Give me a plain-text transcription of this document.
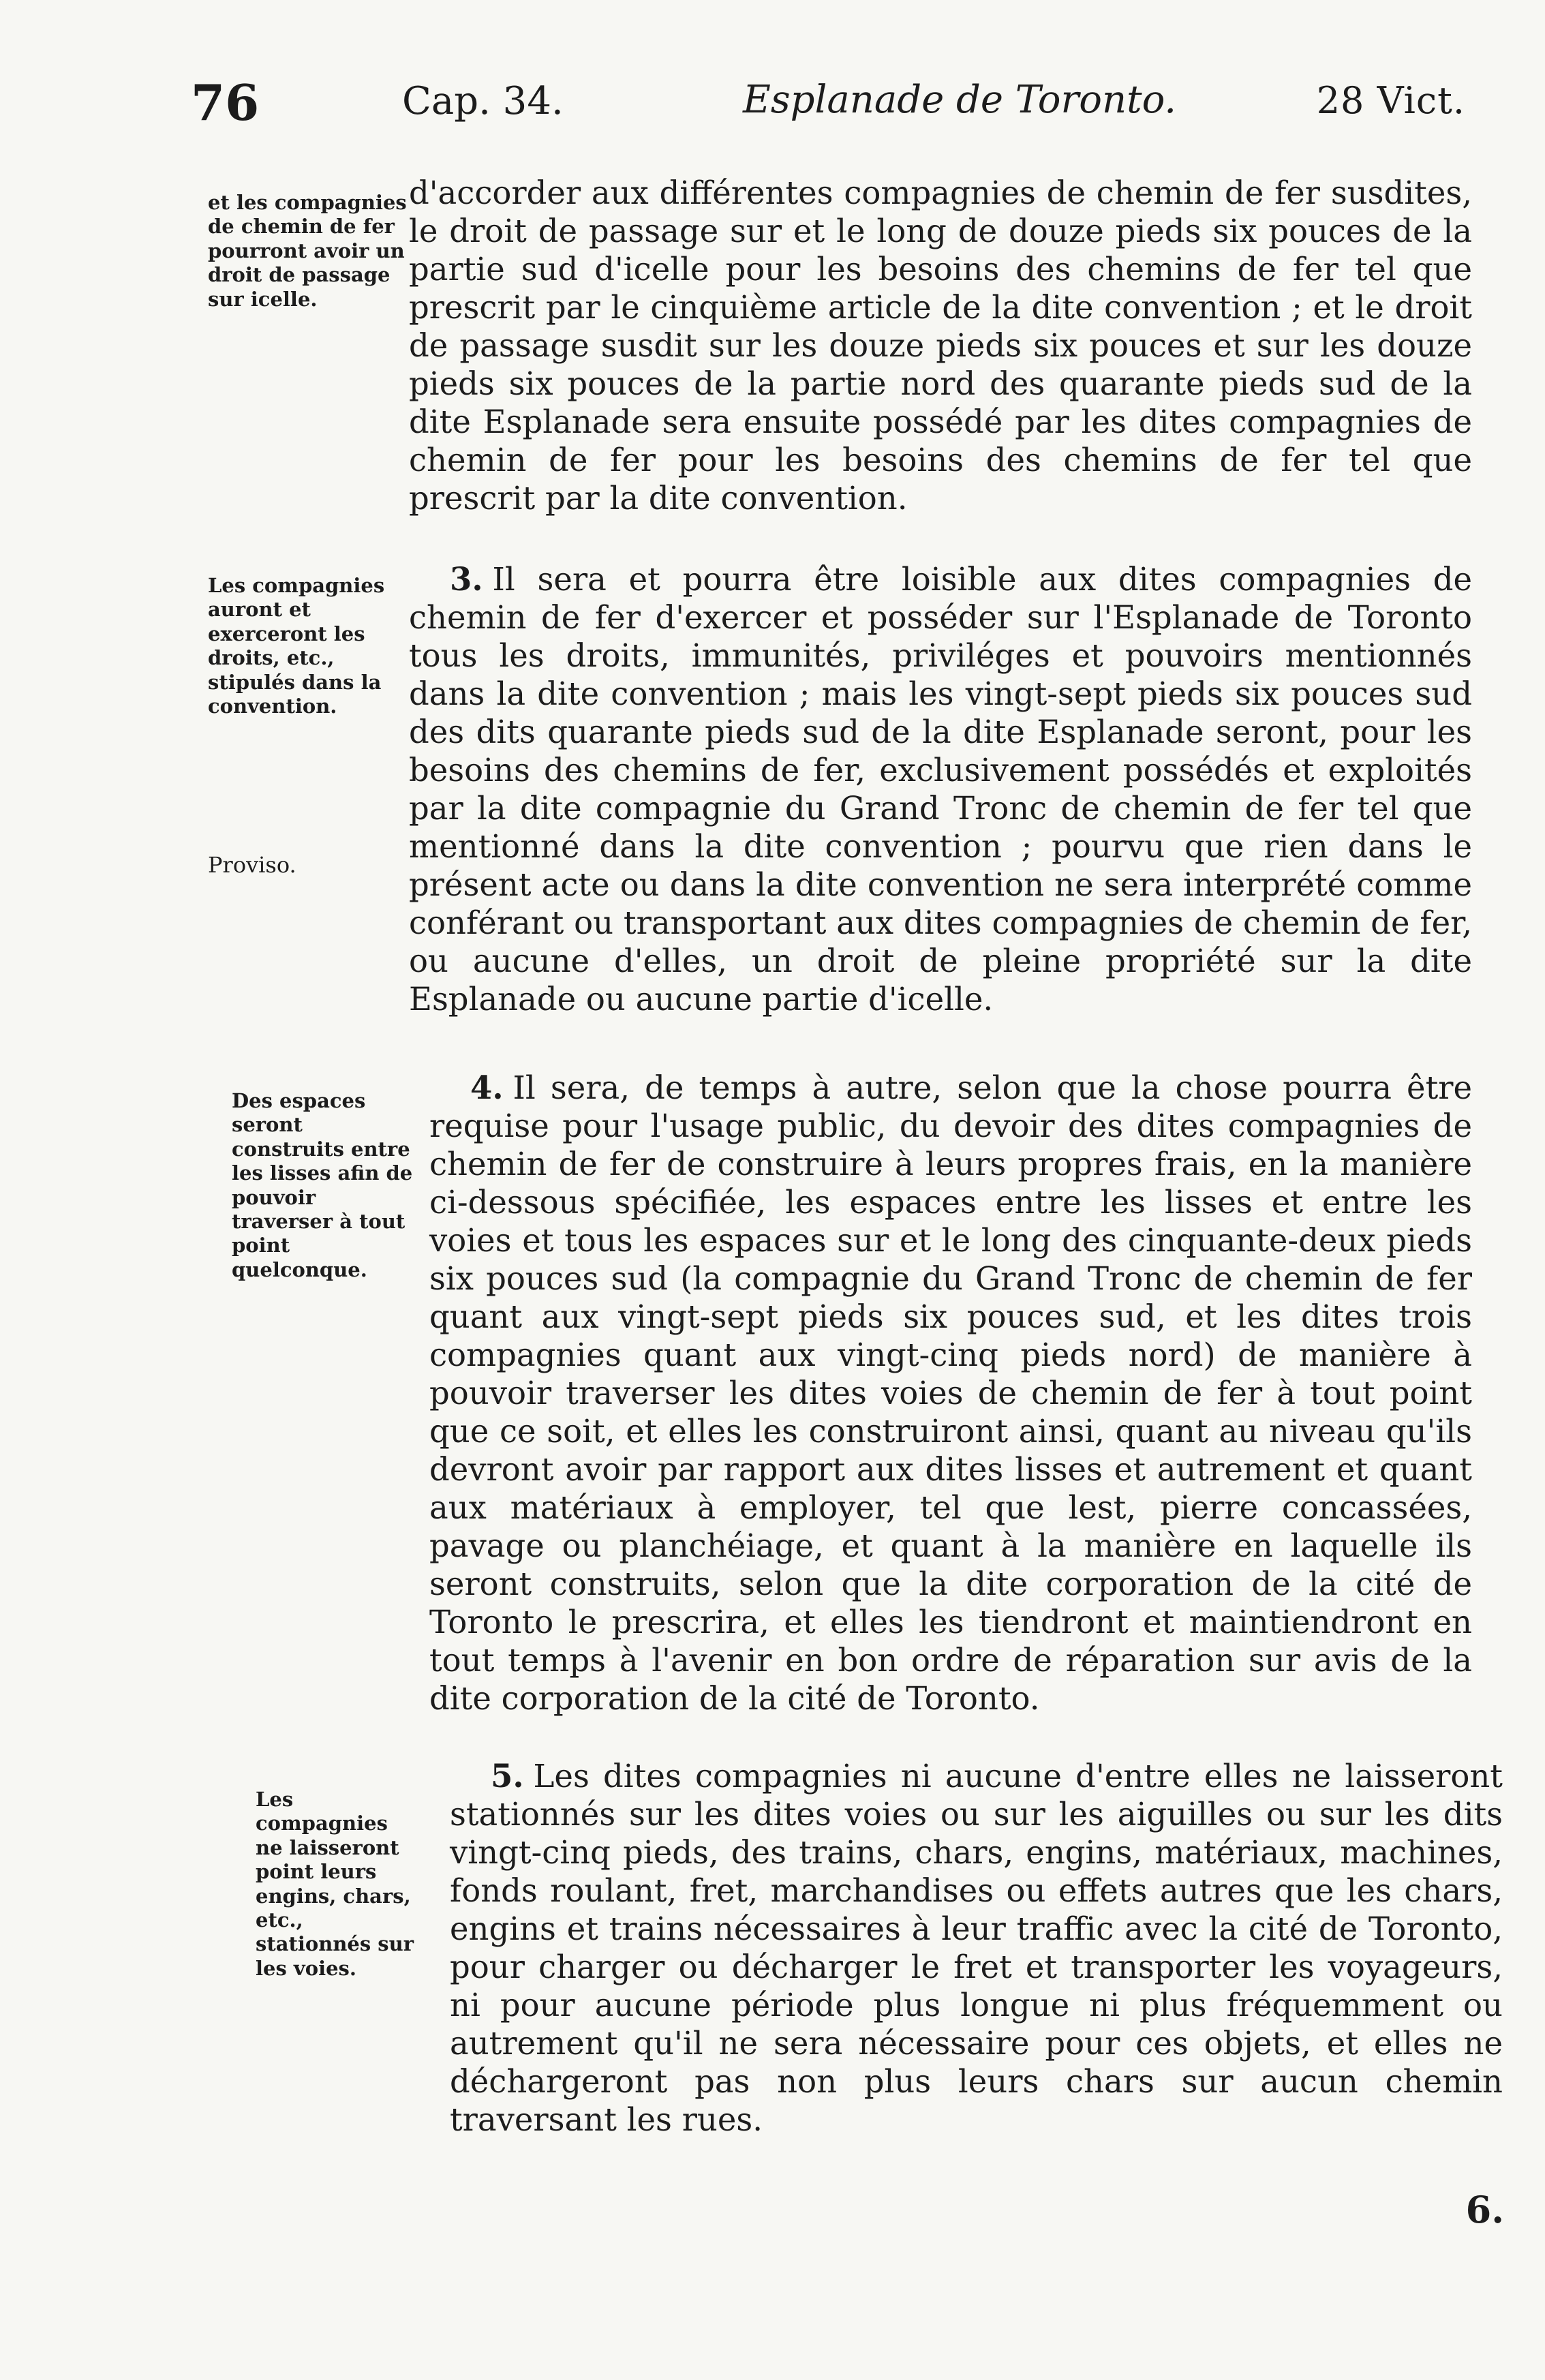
76	Cap. 34.	Esplanade de Toronto.	28 Vict.
et les compagnies de chemin de fer pourront avoir un droit de passage sur icelle.
Les compagnies auront et exerceront les droits, etc., stipulés dans la convention.
Proviso.
Des espaces seront construits entre les lisses afin de pouvoir traverser à tout point quelconque.
Les compagnies ne laisseront point leurs engins, chars, etc., stationnés sur les voies.
d'accorder aux différentes compagnies de chemin de fer susdites, le droit de passage sur et le long de douze pieds six pouces de la partie sud d'icelle pour les besoins des chemins de fer tel que prescrit par le cinquième article de la dite convention ; et le droit de passage susdit sur les douze pieds six pouces et sur les douze pieds six pouces de la partie nord des quarante pieds sud de la dite Esplanade sera ensuite possédé par les dites compagnies de chemin de fer pour les besoins des chemins de fer tel que prescrit par la dite convention.
3. Il sera et pourra être loisible aux dites compagnies de chemin de fer d'exercer et posséder sur l'Esplanade de Toronto tous les droits, immunités, priviléges et pouvoirs mentionnés dans la dite convention ; mais les vingt-sept pieds six pouces sud des dits quarante pieds sud de la dite Esplanade seront, pour les besoins des chemins de fer, exclusivement possédés et exploités par la dite compagnie du Grand Tronc de chemin de fer tel que mentionné dans la dite convention ; pourvu que rien dans le présent acte ou dans la dite convention ne sera interprété comme conférant ou transportant aux dites compagnies de chemin de fer, ou aucune d'elles, un droit de pleine propriété sur la dite Esplanade ou aucune partie d'icelle.
4. Il sera, de temps à autre, selon que la chose pourra être requise pour l'usage public, du devoir des dites compagnies de chemin de fer de construire à leurs propres frais, en la manière ci-dessous spécifiée, les espaces entre les lisses et entre les voies et tous les espaces sur et le long des cinquante-deux pieds six pouces sud (la compagnie du Grand Tronc de chemin de fer quant aux vingt-sept pieds six pouces sud, et les dites trois compagnies quant aux vingt-cinq pieds nord) de manière à pouvoir traverser les dites voies de chemin de fer à tout point que ce soit, et elles les construiront ainsi, quant au niveau qu'ils devront avoir par rapport aux dites lisses et autrement et quant aux matériaux à employer, tel que lest, pierre concassées, pavage ou planchéiage, et quant à la manière en laquelle ils seront construits, selon que la dite corporation de la cité de Toronto le prescrira, et elles les tiendront et maintiendront en tout temps à l'avenir en bon ordre de réparation sur avis de la dite corporation de la cité de Toronto.
5. Les dites compagnies ni aucune d'entre elles ne laisseront stationnés sur les dites voies ou sur les aiguilles ou sur les dits vingt-cinq pieds, des trains, chars, engins, matériaux, machines, fonds roulant, fret, marchandises ou effets autres que les chars, engins et trains nécessaires à leur traffic avec la cité de Toronto, pour charger ou décharger le fret et transporter les voyageurs, ni pour aucune période plus longue ni plus fréquemment ou autrement qu'il ne sera nécessaire pour ces objets, et elles ne déchargeront pas non plus leurs chars sur aucun chemin traversant les rues.
6.
